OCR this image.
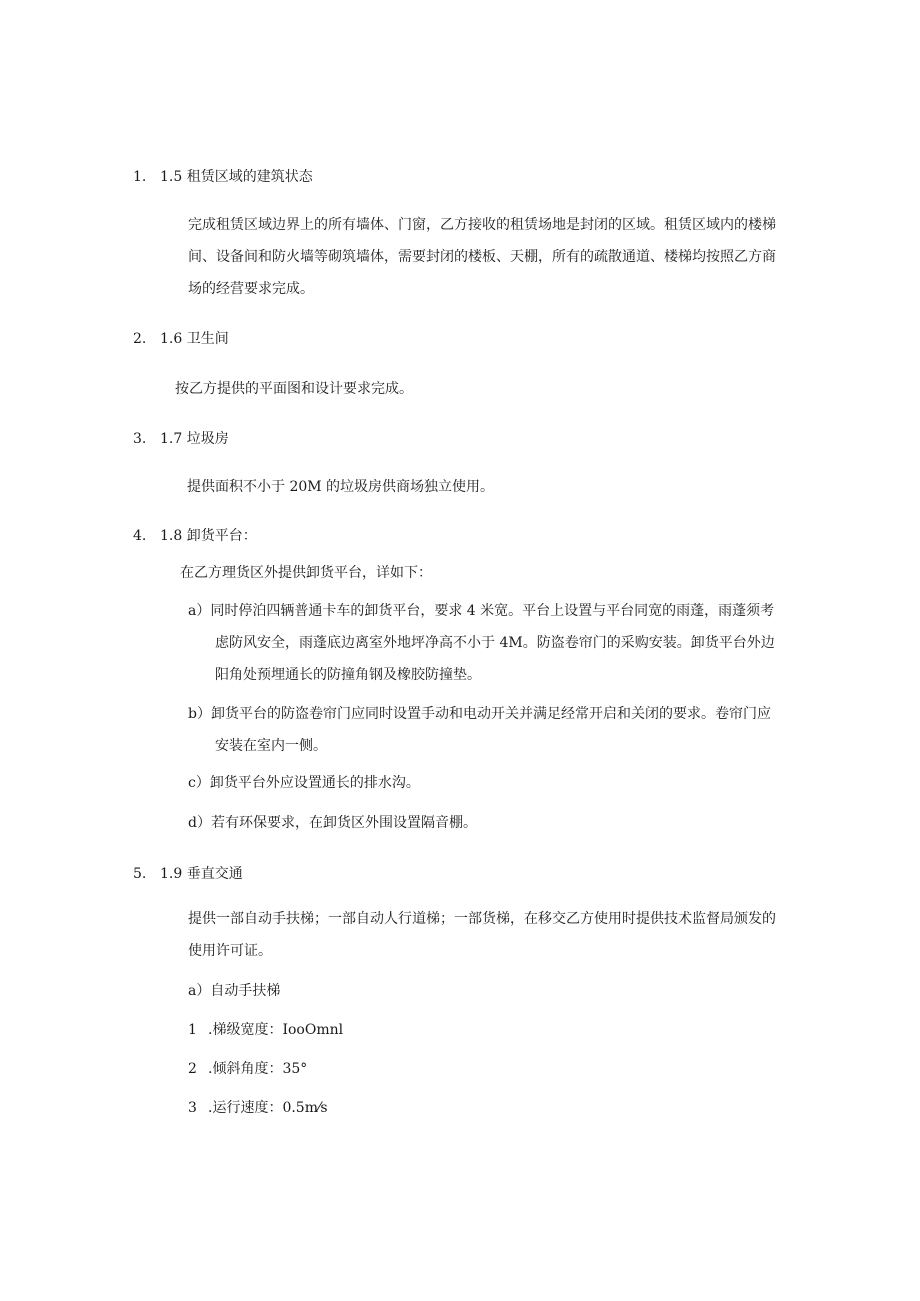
1. 1.5 租赁区域的建筑状态
完成租赁区域边界上的所有墙体、门窗，乙方接收的租赁场地是封闭的区域。租赁区域内的楼梯
间、设备间和防火墙等砌筑墙体，需要封闭的楼板、天棚，所有的疏散通道、楼梯均按照乙方商
场的经营要求完成。
2. 1.6 卫生间
按乙方提供的平面图和设计要求完成。
3. 1.7 垃圾房
提供面积不小于 20M 的垃圾房供商场独立使用。
4. 1.8 卸货平台：
在乙方理货区外提供卸货平台，详如下：
a）同时停泊四辆普通卡车的卸货平台，要求 4 米宽。平台上设置与平台同宽的雨蓬，雨蓬须考
虑防风安全，雨蓬底边离室外地坪净高不小于 4M。防盗卷帘门的采购安装。卸货平台外边
阳角处预埋通长的防撞角钢及橡胶防撞垫。
b）卸货平台的防盗卷帘门应同时设置手动和电动开关并满足经常开启和关闭的要求。卷帘门应
安装在室内一侧。
c）卸货平台外应设置通长的排水沟。
d）若有环保要求，在卸货区外围设置隔音棚。
5. 1.9 垂直交通
提供一部自动手扶梯；一部自动人行道梯；一部货梯，在移交乙方使用时提供技术监督局颁发的
使用许可证。
a）自动手扶梯
1 .梯级宽度：IooOmnl
2 .倾斜角度：35°
3 .运行速度：0.5m⁄s
